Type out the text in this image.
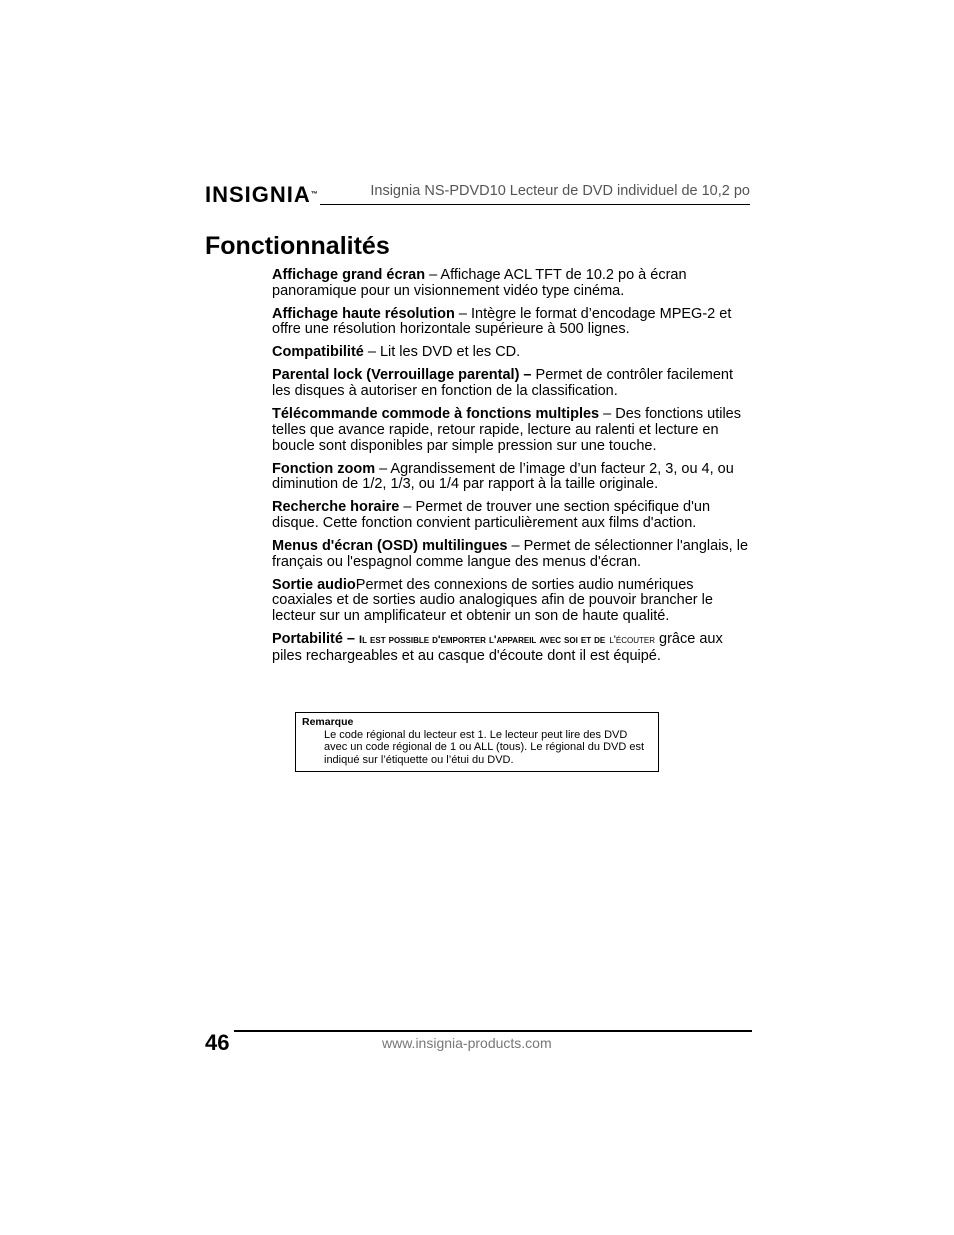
INSIGNIA™	Insignia NS-PDVD10 Lecteur de DVD individuel de 10,2 po
Fonctionnalités

Affichage grand écran – Affichage ACL TFT de 10.2 po à écran panoramique pour un visionnement vidéo type cinéma.

Affichage haute résolution – Intègre le format d’encodage MPEG-2 et offre une résolution horizontale supérieure à 500 lignes.

Compatibilité – Lit les DVD et les CD.

Parental lock (Verrouillage parental) – Permet de contrôler facilement les disques à autoriser en fonction de la classification.

Télécommande commode à fonctions multiples – Des fonctions utiles telles que avance rapide, retour rapide, lecture au ralenti et lecture en boucle sont disponibles par simple pression sur une touche.

Fonction zoom – Agrandissement de l’image d’un facteur 2, 3, ou 4, ou diminution de 1/2, 1/3, ou 1/4 par rapport à la taille originale.

Recherche horaire – Permet de trouver une section spécifique d'un disque. Cette fonction convient particulièrement aux films d'action.

Menus d'écran (OSD) multilingues – Permet de sélectionner l'anglais, le français ou l'espagnol comme langue des menus d'écran.

Sortie audioPermet des connexions de sorties audio numériques coaxiales et de sorties audio analogiques afin de pouvoir brancher le lecteur sur un amplificateur et obtenir un son de haute qualité.

Portabilité – Il est possible d'emporter l'appareil avec soi et de l'écouter grâce aux piles rechargeables et au casque d'écoute dont il est équipé.

Remarque
Le code régional du lecteur est 1. Le lecteur peut lire des DVD avec un code régional de 1 ou ALL (tous). Le régional du DVD est indiqué sur l’étiquette ou l’étui du DVD.
46	www.insignia-products.com
